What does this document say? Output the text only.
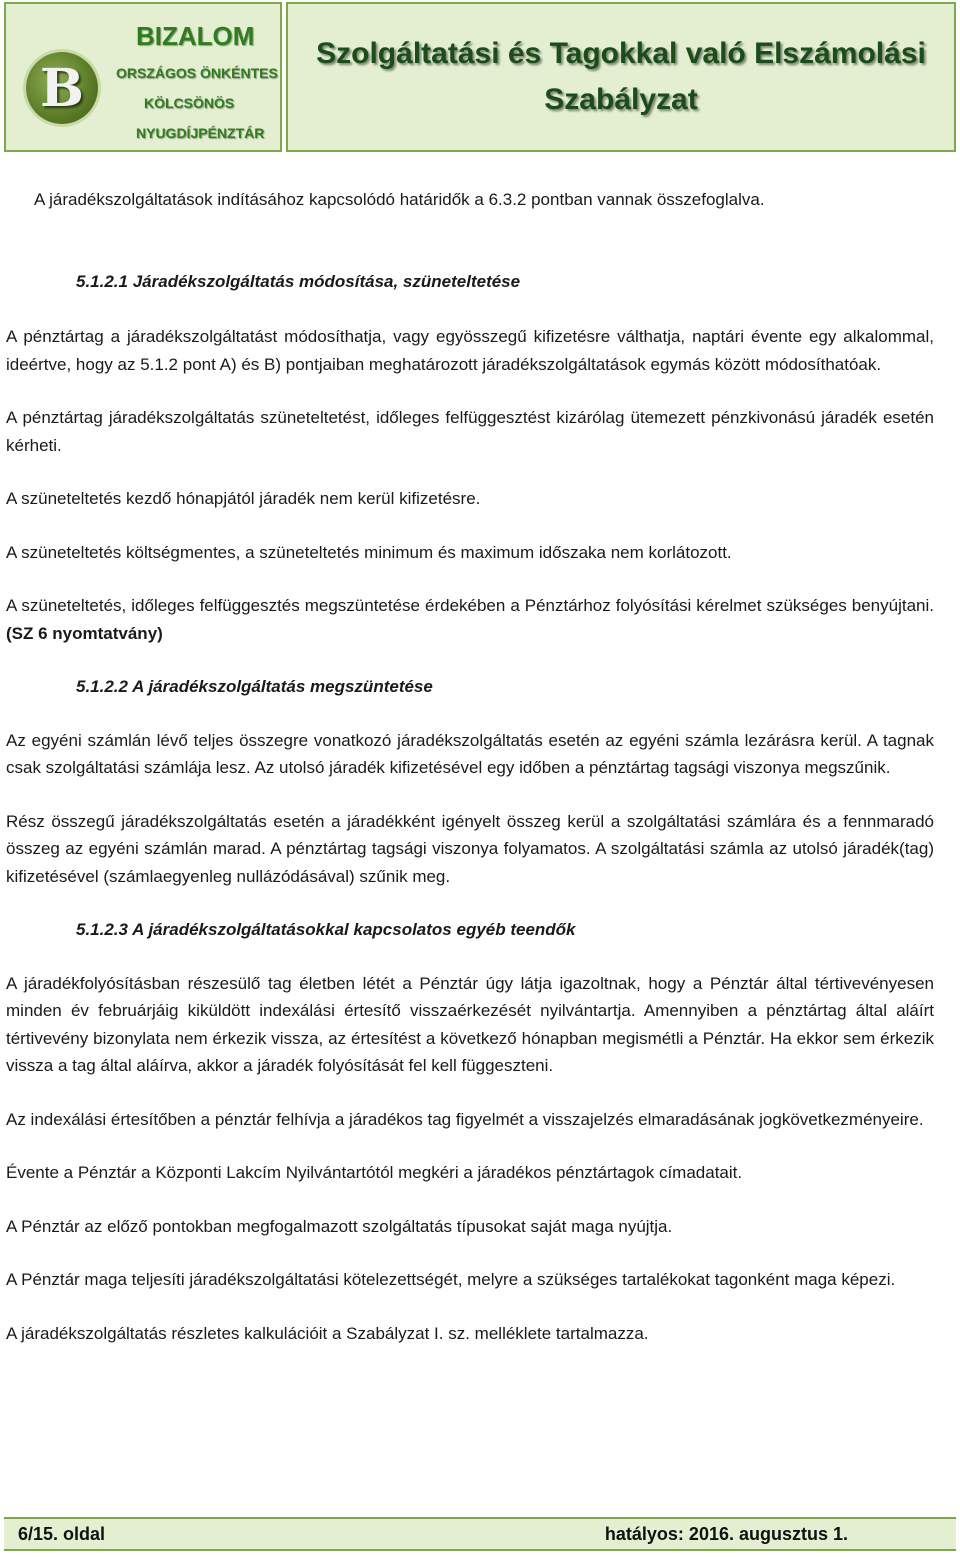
B
BIZALOM
ORSZÁGOS ÖNKÉNTES
KÖLCSÖNÖS
NYUGDÍJPÉNZTÁR
Szolgáltatási és Tagokkal való Elszámolási
Szabályzat

A járadékszolgáltatások indításához kapcsolódó határidők a 6.3.2 pontban vannak összefoglalva.

5.1.2.1 Járadékszolgáltatás módosítása, szüneteltetése

A pénztártag a járadékszolgáltatást módosíthatja, vagy egyösszegű kifizetésre válthatja, naptári évente egy alkalommal, ideértve, hogy az 5.1.2 pont A) és B) pontjaiban meghatározott járadékszolgáltatások egymás között módosíthatóak.

A pénztártag járadékszolgáltatás szüneteltetést, időleges felfüggesztést kizárólag ütemezett pénzkivonású járadék esetén kérheti.

A szüneteltetés kezdő hónapjától járadék nem kerül kifizetésre.

A szüneteltetés költségmentes, a szüneteltetés minimum és maximum időszaka nem korlátozott.

A szüneteltetés, időleges felfüggesztés megszüntetése érdekében a Pénztárhoz folyósítási kérelmet szükséges benyújtani. (SZ 6 nyomtatvány)

5.1.2.2 A járadékszolgáltatás megszüntetése

Az egyéni számlán lévő teljes összegre vonatkozó járadékszolgáltatás esetén az egyéni számla lezárásra kerül. A tagnak csak szolgáltatási számlája lesz. Az utolsó járadék kifizetésével egy időben a pénztártag tagsági viszonya megszűnik.

Rész összegű járadékszolgáltatás esetén a járadékként igényelt összeg kerül a szolgáltatási számlára és a fennmaradó összeg az egyéni számlán marad. A pénztártag tagsági viszonya folyamatos. A szolgáltatási számla az utolsó járadék(tag) kifizetésével (számlaegyenleg nullázódásával) szűnik meg.

5.1.2.3 A járadékszolgáltatásokkal kapcsolatos egyéb teendők

A járadékfolyósításban részesülő tag életben létét a Pénztár úgy látja igazoltnak, hogy a Pénztár által tértivevényesen minden év februárjáig kiküldött indexálási értesítő visszaérkezését nyilvántartja. Amennyiben a pénztártag által aláírt tértivevény bizonylata nem érkezik vissza, az értesítést a következő hónapban megismétli a Pénztár. Ha ekkor sem érkezik vissza a tag által aláírva, akkor a járadék folyósítását fel kell függeszteni.

Az indexálási értesítőben a pénztár felhívja a járadékos tag figyelmét a visszajelzés elmaradásának jogkövetkezményeire.

Évente a Pénztár a Központi Lakcím Nyilvántartótól megkéri a járadékos pénztártagok címadatait.

A Pénztár az előző pontokban megfogalmazott szolgáltatás típusokat saját maga nyújtja.

A Pénztár maga teljesíti járadékszolgáltatási kötelezettségét, melyre a szükséges tartalékokat tagonként maga képezi.

A járadékszolgáltatás részletes kalkulációit a Szabályzat I. sz. melléklete tartalmazza.

6/15. oldal	hatályos: 2016. augusztus 1.
